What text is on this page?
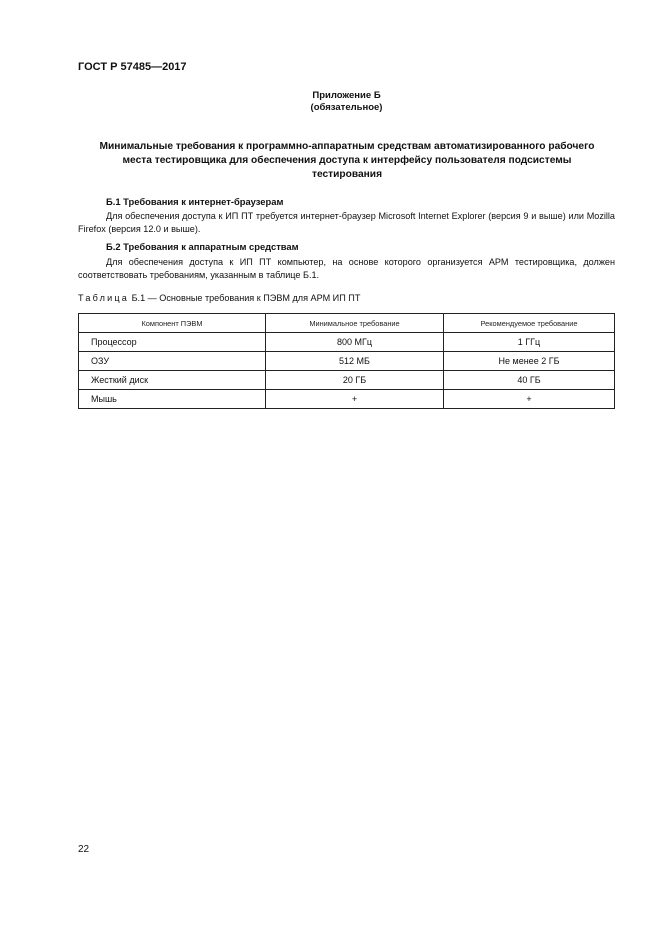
ГОСТ Р 57485—2017
Приложение Б
(обязательное)
Минимальные требования к программно-аппаратным средствам автоматизированного рабочего места тестировщика для обеспечения доступа к интерфейсу пользователя подсистемы тестирования
Б.1 Требования к интернет-браузерам
Для обеспечения доступа к ИП ПТ требуется интернет-браузер Microsoft Internet Explorer (версия 9 и выше) или Mozilla Firefox (версия 12.0 и выше).
Б.2 Требования к аппаратным средствам
Для обеспечения доступа к ИП ПТ компьютер, на основе которого организуется АРМ тестировщика, должен соответствовать требованиям, указанным в таблице Б.1.
Таблица Б.1 — Основные требования к ПЭВМ для АРМ ИП ПТ
Компонент ПЭВМ	Минимальное требование	Рекомендуемое требование
Процессор	800 МГц	1 ГГц
ОЗУ	512 МБ	Не менее 2 ГБ
Жесткий диск	20 ГБ	40 ГБ
Мышь	+	+
22
